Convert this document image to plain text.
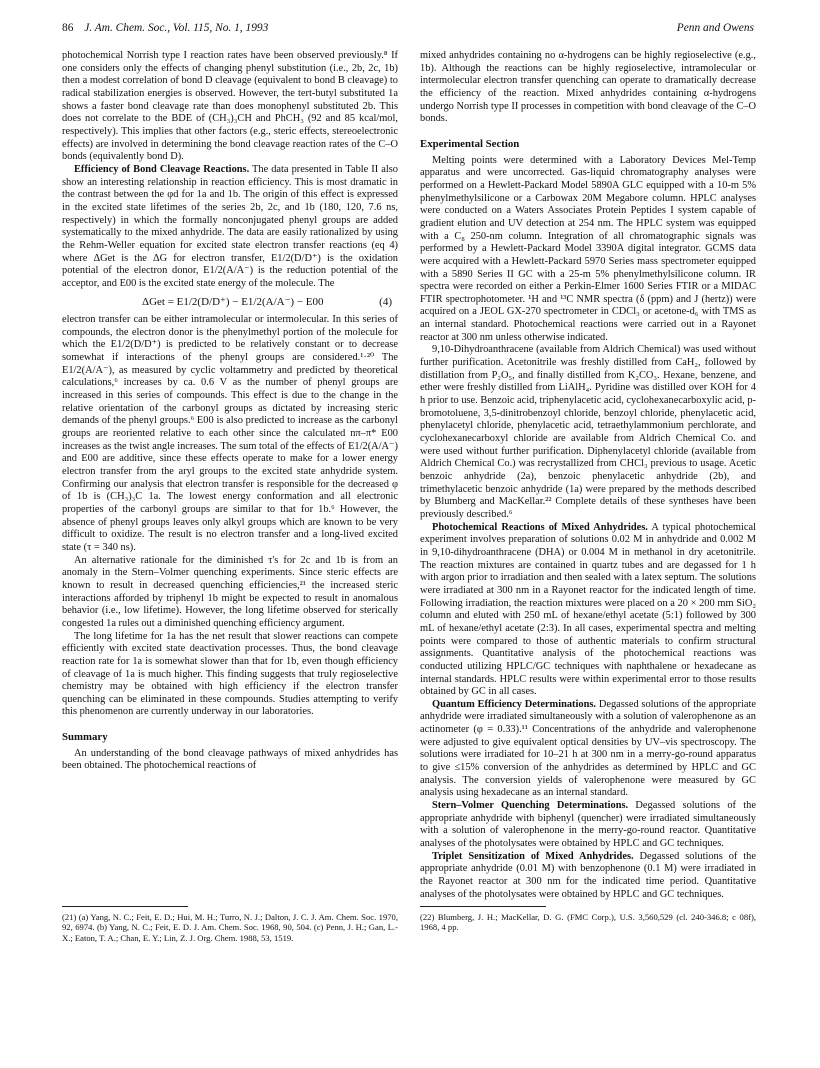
86 J. Am. Chem. Soc., Vol. 115, No. 1, 1993	Penn and Owens

photochemical Norrish type I reaction rates have been observed previously.⁸ If one considers only the effects of changing phenyl substitution (i.e., 2b, 2c, 1b) then a modest correlation of bond D cleavage (equivalent to bond B cleavage) to radical stabilization energies is observed. However, the tert-butyl substituted 1a shows a faster bond cleavage rate than does monophenyl substituted 2b. This does not correlate to the BDE of (CH₃)₃CH and PhCH₃ (92 and 85 kcal/mol, respectively). This implies that other factors (e.g., steric effects, stereoelectronic effects) are involved in determining the bond cleavage reaction rates of the C–O bonds (equivalently bond D).

Efficiency of Bond Cleavage Reactions. The data presented in Table II also show an interesting relationship in reaction efficiency. This is most dramatic in the contrast between the φd for 1a and 1b. The origin of this effect is expressed in the excited state lifetimes of the series 2b, 2c, and 1b (180, 120, 7.6 ns, respectively) in which the formally nonconjugated phenyl groups are added systematically to the mixed anhydride. The data are easily rationalized by using the Rehm-Weller equation for excited state electron transfer reactions (eq 4) where ΔGet is the ΔG for electron transfer, E1/2(D/D⁺) is the oxidation potential of the electron donor, E1/2(A/A⁻) is the reduction potential of the acceptor, and E00 is the excited state energy of the molecule. The

ΔGet = E1/2(D/D⁺) − E1/2(A/A⁻) − E00	(4)

electron transfer can be either intramolecular or intermolecular. In this series of compounds, the electron donor is the phenylmethyl portion of the molecule for which the E1/2(D/D⁺) is predicted to be relatively constant or to decrease somewhat if interactions of the phenyl groups are considered.¹·²⁰ The E1/2(A/A⁻), as measured by cyclic voltammetry and predicted by theoretical calculations,⁶ increases by ca. 0.6 V as the number of phenyl groups are increased in this series of compounds. This effect is due to the change in the relative orientation of the carbonyl groups as dictated by increasing steric demands of the phenyl groups.⁶ E00 is also predicted to increase as the carbonyl groups are reoriented relative to each other since the calculated nπ–π* E00 increases as the twist angle increases. The sum total of the effects of E1/2(A/A⁻) and E00 are additive, since these effects operate to make for a lower energy electron transfer from the aryl groups to the excited state anhydride system. Confirming our analysis that electron transfer is responsible for the decreased φ of 1b is (CH₃)₃C 1a. The lowest energy conformation and all electronic properties of the carbonyl groups are similar to that for 1b.⁶ However, the absence of phenyl groups leaves only alkyl groups which are known to be very difficult to oxidize. The result is no electron transfer and a long-lived excited state (τ = 340 ns).

An alternative rationale for the diminished τ's for 2c and 1b is from an anomaly in the Stern–Volmer quenching experiments. Since steric effects are known to result in decreased quenching efficiencies,²¹ the increased steric interactions afforded by triphenyl 1b might be expected to result in anomalous behavior (i.e., low lifetime). However, the long lifetime observed for sterically congested 1a rules out a diminished quenching efficiency argument.

The long lifetime for 1a has the net result that slower reactions can compete efficiently with excited state deactivation processes. Thus, the bond cleavage reaction rate for 1a is somewhat slower than that for 1b, even though efficiency of cleavage of 1a is much higher. This finding suggests that truly regioselective chemistry may be obtained with high efficiency if the electron transfer quenching can be eliminated in these compounds. Studies attempting to verify this phenomenon are currently underway in our laboratories.

Summary

An understanding of the bond cleavage pathways of mixed anhydrides has been obtained. The photochemical reactions of

mixed anhydrides containing no α-hydrogens can be highly regioselective (e.g., 1b). Although the reactions can be highly regioselective, intramolecular or intermolecular electron transfer quenching can operate to dramatically decrease the efficiency of the reaction. Mixed anhydrides containing α-hydrogens undergo Norrish type II processes in competition with bond cleavage of the C–O bonds.

Experimental Section

Melting points were determined with a Laboratory Devices Mel-Temp apparatus and were uncorrected. Gas-liquid chromatography analyses were performed on a Hewlett-Packard Model 5890A GLC equipped with a 10-m 5% phenylmethylsilicone or a Carbowax 20M Megabore column. HPLC analyses were conducted on a Waters Associates Protein Peptides I system capable of gradient elution and UV detection at 254 nm. The HPLC system was equipped with a C₈ 250-nm column. Integration of all chromatographic signals was performed by a Hewlett-Packard Model 3390A digital integrator. GCMS data were acquired with a Hewlett-Packard 5970 Series mass spectrometer equipped with a 5890 Series II GC with a 25-m 5% phenylmethylsilicone column. IR spectra were recorded on either a Perkin-Elmer 1600 Series FTIR or a MIDAC FTIR spectrophotometer. ¹H and ¹³C NMR spectra (δ (ppm) and J (hertz)) were acquired on a JEOL GX-270 spectrometer in CDCl₃ or acetone-d₆ with TMS as an internal standard. Photochemical reactions were carried out in a Rayonet reactor at 300 nm unless otherwise indicated.

9,10-Dihydroanthracene (available from Aldrich Chemical) was used without further purification. Acetonitrile was freshly distilled from CaH₂, followed by distillation from P₂O₅, and finally distilled from K₂CO₃. Hexane, benzene, and ether were freshly distilled from LiAlH₄. Pyridine was distilled over KOH for 4 h prior to use. Benzoic acid, triphenylacetic acid, cyclohexanecarboxylic acid, p-bromotoluene, 3,5-dinitrobenzoyl chloride, benzoyl chloride, phenylacetic acid, phenylacetyl chloride, phenylacetic acid, tetraethylammonium perchlorate, and cyclohexanecarboxyl chloride are available from Aldrich Chemical Co. and were used without further purification. Diphenylacetyl chloride (available from Aldrich Chemical Co.) was recrystallized from CHCl₃ previous to usage. Acetic benzoic anhydride (2a), benzoic phenylacetic anhydride (2b), and trimethylacetic benzoic anhydride (1a) were prepared by the methods described by Blumberg and MacKellar.²² Complete details of these syntheses have been previously described.⁶

Photochemical Reactions of Mixed Anhydrides. A typical photochemical experiment involves preparation of solutions 0.02 M in anhydride and 0.002 M in 9,10-dihydroanthracene (DHA) or 0.004 M in methanol in dry acetonitrile. The reaction mixtures are contained in quartz tubes and are degassed for 1 h with argon prior to irradiation and then sealed with a latex septum. The solutions were irradiated at 300 nm in a Rayonet reactor for the indicated length of time. Following irradiation, the reaction mixtures were placed on a 20 × 200 mm SiO₂ column and eluted with 250 mL of hexane/ethyl acetate (5:1) followed by 300 mL of hexane/ethyl acetate (2:3). In all cases, experimental spectra and melting points were compared to those of authentic materials to confirm structural assignments. Quantitative analysis of the photochemical reactions was conducted utilizing HPLC/GC techniques with naphthalene or hexadecane as internal standards. HPLC results were within experimental error to those results obtained by GC in all cases.

Quantum Efficiency Determinations. Degassed solutions of the appropriate anhydride were irradiated simultaneously with a solution of valerophenone as an actinometer (φ = 0.33).¹¹ Concentrations of the anhydride and valerophenone were adjusted to give equivalent optical densities by UV–vis spectroscopy. The solutions were irradiated for 10–21 h at 300 nm in a merry-go-round apparatus to give ≤15% conversion of the anhydrides as determined by HPLC and GC analysis. The conversion yields of valerophenone were measured by GC analysis using hexadecane as an internal standard.

Stern–Volmer Quenching Determinations. Degassed solutions of the appropriate anhydride with biphenyl (quencher) were irradiated simultaneously with a solution of valerophenone in the merry-go-round reactor. Quantitative analyses of the photolysates were obtained by HPLC and GC techniques.

Triplet Sensitization of Mixed Anhydrides. Degassed solutions of the appropriate anhydride (0.01 M) with benzophenone (0.1 M) were irradiated in the Rayonet reactor at 300 nm for the indicated time period. Quantitative analyses of the photolysates were obtained by HPLC and GC techniques.

(21) (a) Yang, N. C.; Feit, E. D.; Hui, M. H.; Turro, N. J.; Dalton, J. C. J. Am. Chem. Soc. 1970, 92, 6974. (b) Yang, N. C.; Feit, E. D. J. Am. Chem. Soc. 1968, 90, 504. (c) Penn, J. H.; Gan, L.-X.; Eaton, T. A.; Chan, E. Y.; Lin, Z. J. Org. Chem. 1988, 53, 1519.
(22) Blumberg, J. H.; MacKellar, D. G. (FMC Corp.), U.S. 3,560,529 (cl. 240-346.8; c 08f), 1968, 4 pp.
